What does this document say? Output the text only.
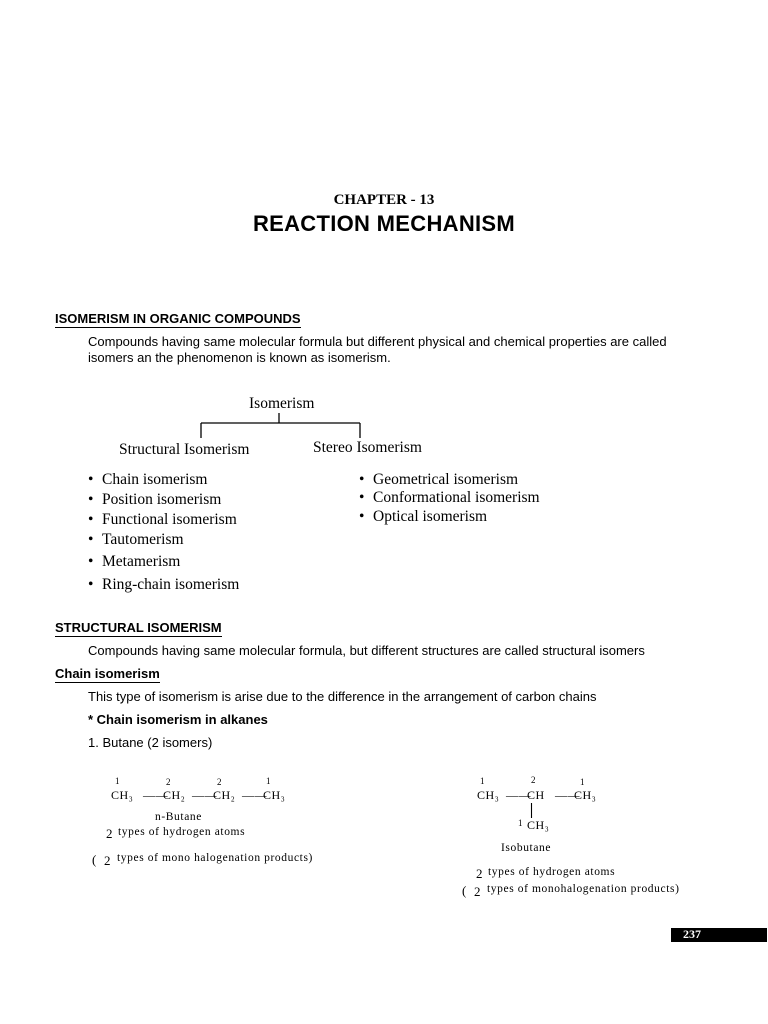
CHAPTER - 13
REACTION MECHANISM
ISOMERISM IN ORGANIC COMPOUNDS
Compounds having same molecular formula but different physical and chemical properties are called
isomers an the phenomenon is known as isomerism.
Isomerism
Structural Isomerism	Stereo Isomerism
• Chain isomerism
• Position isomerism
• Functional isomerism
• Tautomerism
• Metamerism
• Ring-chain isomerism
• Geometrical isomerism
• Conformational isomerism
• Optical isomerism
STRUCTURAL ISOMERISM
Compounds having same molecular formula, but different structures are called structural isomers
Chain isomerism
This type of isomerism is arise due to the difference in the arrangement of carbon chains
* Chain isomerism in alkanes
1. Butane (2 isomers)
1	2	2	1
CH₃ ——
CH₂ ——
CH₂ ——
CH₃
n-Butane
2 types of hydrogen atoms
( 2 types of mono halogenation products)
1	2	1
CH₃ ——
CH ——
CH₃
1 CH₃
Isobutane
2 types of hydrogen atoms
( 2 types of monohalogenation products)
237
